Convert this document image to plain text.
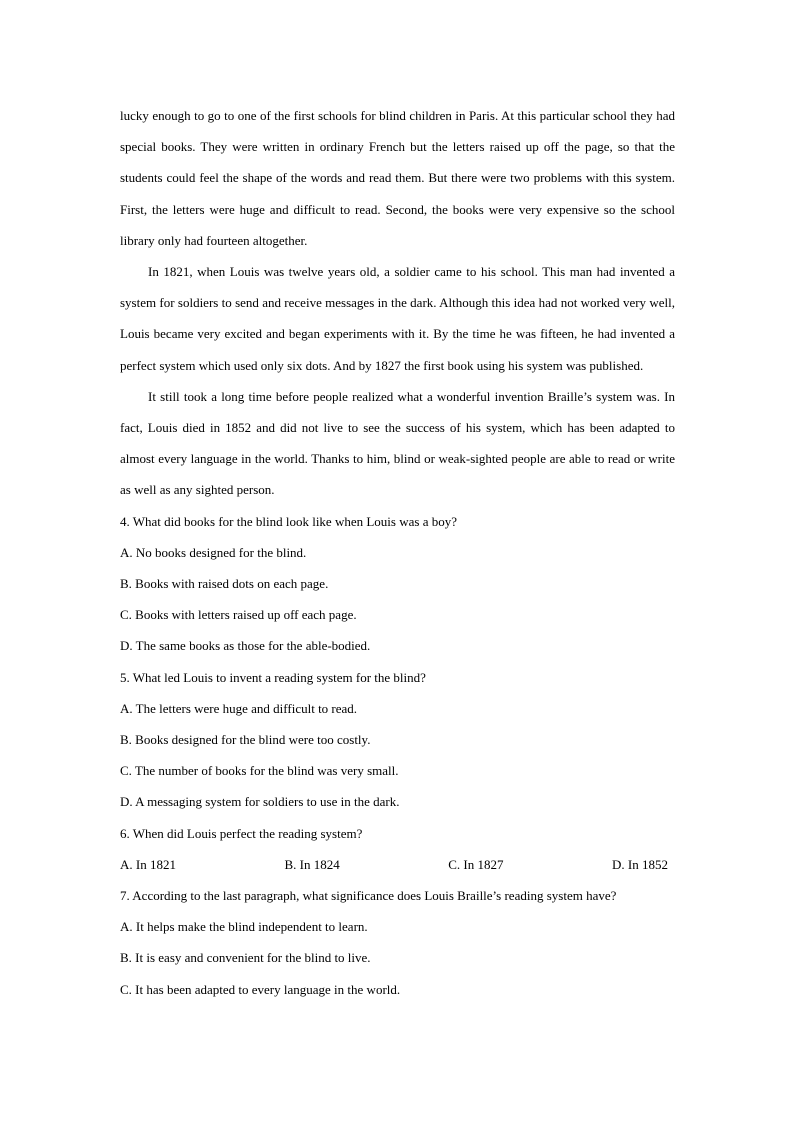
lucky enough to go to one of the first schools for blind children in Paris. At this particular school they had special books. They were written in ordinary French but the letters raised up off the page, so that the students could feel the shape of the words and read them. But there were two problems with this system. First, the letters were huge and difficult to read. Second, the books were very expensive so the school library only had fourteen altogether.

In 1821, when Louis was twelve years old, a soldier came to his school. This man had invented a system for soldiers to send and receive messages in the dark. Although this idea had not worked very well, Louis became very excited and began experiments with it. By the time he was fifteen, he had invented a perfect system which used only six dots. And by 1827 the first book using his system was published.

It still took a long time before people realized what a wonderful invention Braille’s system was. In fact, Louis died in 1852 and did not live to see the success of his system, which has been adapted to almost every language in the world. Thanks to him, blind or weak-sighted people are able to read or write as well as any sighted person.

4. What did books for the blind look like when Louis was a boy?

A. No books designed for the blind.

B. Books with raised dots on each page.

C. Books with letters raised up off each page.

D. The same books as those for the able-bodied.

5. What led Louis to invent a reading system for the blind?

A. The letters were huge and difficult to read.

B. Books designed for the blind were too costly.

C. The number of books for the blind was very small.

D. A messaging system for soldiers to use in the dark.

6. When did Louis perfect the reading system?

A. In 1821	B. In 1824	C. In 1827	D. In 1852

7. According to the last paragraph, what significance does Louis Braille’s reading system have?

A. It helps make the blind independent to learn.

B. It is easy and convenient for the blind to live.

C. It has been adapted to every language in the world.
